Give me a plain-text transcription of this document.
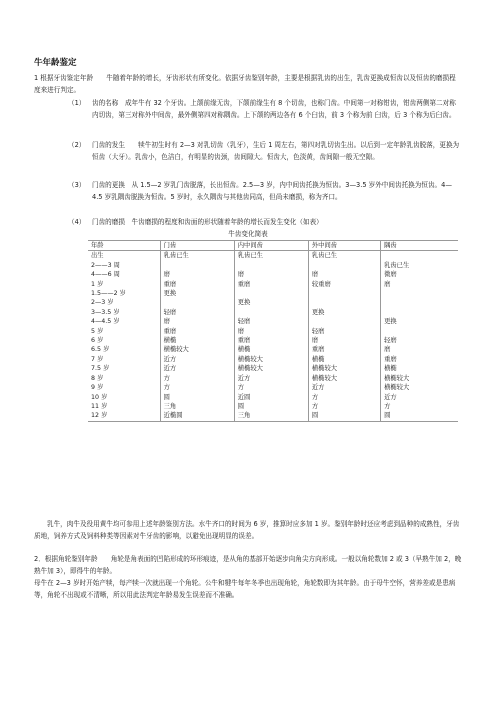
牛年龄鉴定
1 根据牙齿鉴定年龄　　牛随着年龄的增长，牙齿形状有所变化。依据牙齿鉴别年龄，主要是根据乳齿的出生，乳齿更换成恒齿以及恒齿的磨损程度来进行判定。
（1）	齿的名称　成年牛有 32 个牙齿。上颌前缘无齿，下颌前缘生有 8 个切齿，也称门齿。中间第一对称钳齿，钳齿两侧第二对称内切齿，第三对称外中间齿，最外侧第四对称隅齿。上下颌的两边各有 6 个臼齿，前 3 个称为前 臼齿，后 3 个称为后臼齿。
（2）	门齿的发生　　犊牛初生时有 2—3 对乳切齿（乳牙），生后 1 周左右，第四对乳切齿生出。以后到一定年龄乳齿脱落，更换为恒齿（大牙）。乳齿小，色洁白，有明显的齿颈，齿间隙大。恒齿大，色淡黄，齿间隙一般无空隙。
（3）	门齿的更换　从 1.5—2 岁乳门齿脱落，长出恒齿。2.5—3 岁，内中间齿托换为恒齿。3—3.5 岁外中间齿托换为恒齿。4—4.5 岁乳隅齿脱换为恒齿。5 岁时，永久隅齿与其他齿同高，但尚未磨损，称为齐口。
（4）	门齿的磨损　牛齿磨损的程度和齿面的形状随着年龄的增长而发生变化（如表）
牛齿变化简表
年龄	门齿	内中间齿	外中间齿	隅齿
出生	乳齿已生	乳齿已生	乳齿已生	
2——3 周				乳齿已生
4——6 周	磨	磨	磨	微磨
1 岁	重磨	重磨	较重磨	磨
1.5——2 岁	更换			
2—3 岁		更换		
3—3.5 岁	轻磨		更换	
4—4.5 岁	磨	轻磨		更换
5 岁	重磨	磨	轻磨	
6 岁	横椭	重磨	磨	轻磨
6.5 岁	横椭较大	横椭	重磨	磨
7 岁	近方	横椭较大	横椭	重磨
7.5 岁	近方	横椭较大	横椭较大	横椭
8 岁	方	近方	横椭较大	横椭较大
9 岁	方	方	近方	横椭较大
10 岁	圆	近圆	方	近方
11 岁	三角	圆	方	方
12 岁	近椭圆	三角	圆	圆
乳牛，肉牛及役用黄牛均可参用上述年龄鉴别方法。水牛齐口的时间为 6 岁，推算时应多加 1 岁。鉴别年龄时还应考虑到品种的成熟性，牙齿质地，饲养方式及饲料种类等因素对牛牙齿的影响，以避免出现明显的误差。
2．根据角轮鉴别年龄　　角轮是角表面的凹陷形成的环形痕迹，是从角的基部开始逐步向角尖方向形成。一般以角轮数加 2 或 3（早熟牛加 2，晚熟牛加 3），即得牛的年龄。
母牛在 2—3 岁时开始产犊，每产犊一次就出现一个角轮。公牛和犍牛每年冬季也出现角轮，角轮数即为其年龄。由于母牛空怀，营养差或是患病等，角轮不出现或不清晰，所以用此法判定年龄易发生误差而不准确。
